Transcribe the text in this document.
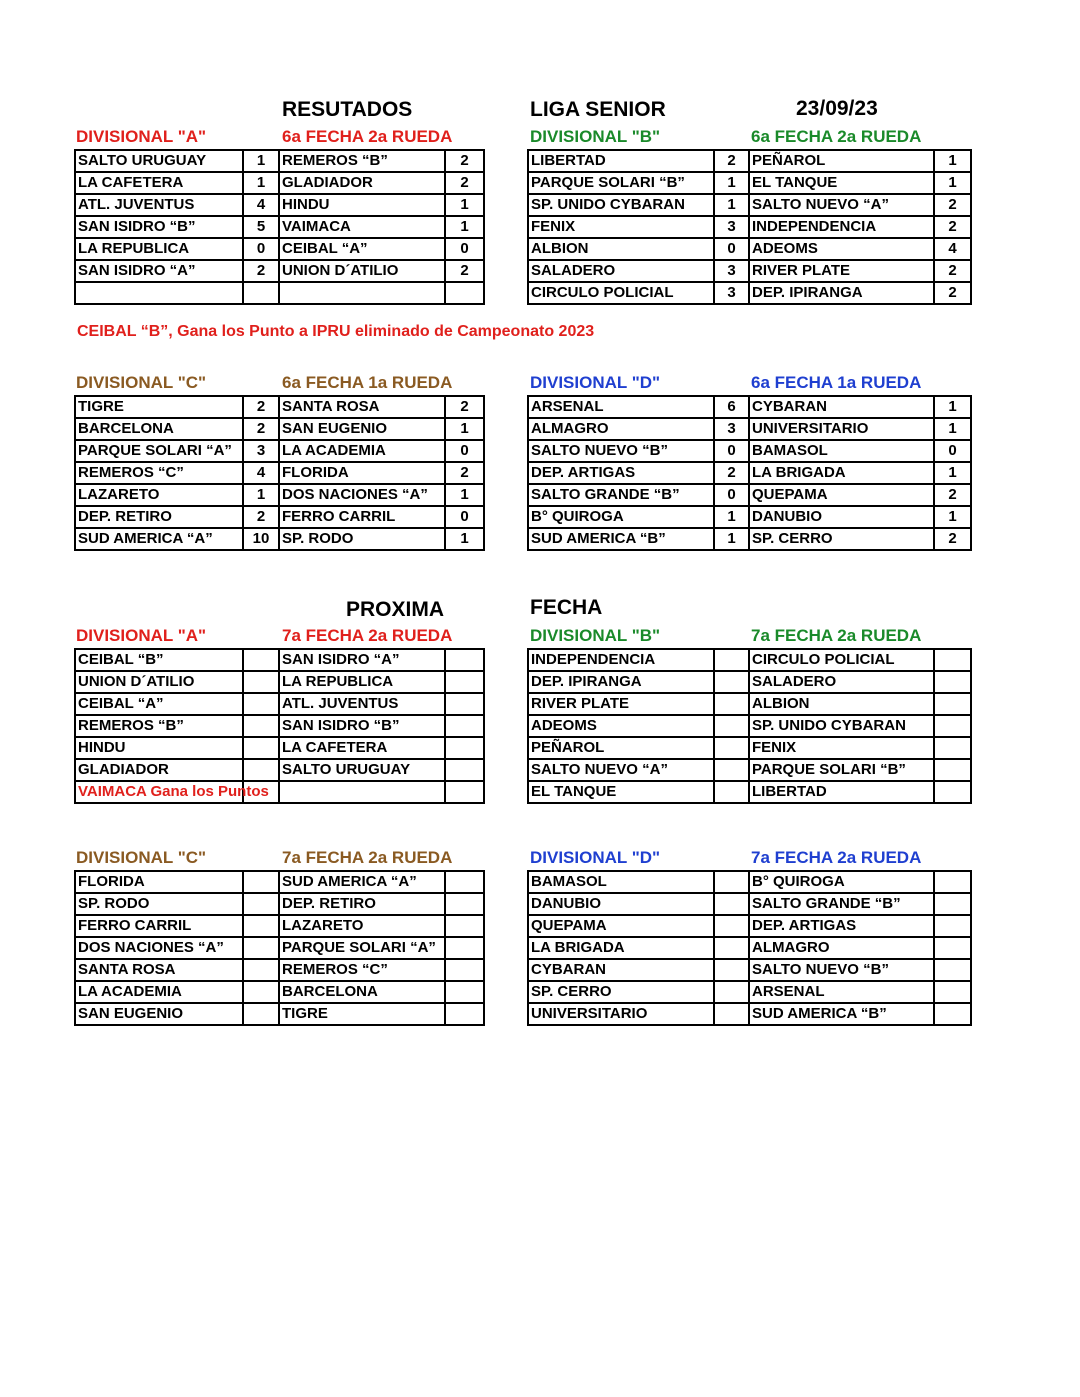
RESUTADOS	LIGA SENIOR	23/09/23
DIVISIONAL "A"	6a FECHA 2a RUEDA
SALTO URUGUAY	1	REMEROS “B”	2
LA CAFETERA	1	GLADIADOR	2
ATL. JUVENTUS	4	HINDU	1
SAN ISIDRO “B”	5	VAIMACA	1
LA REPUBLICA	0	CEIBAL “A”	0
SAN ISIDRO “A”	2	UNION D´ATILIO	2

CEIBAL “B”, Gana los Punto a IPRU eliminado de Campeonato 2023
DIVISIONAL "B"	6a FECHA 2a RUEDA
LIBERTAD	2	PEÑAROL	1
PARQUE SOLARI “B”	1	EL TANQUE	1
SP. UNIDO CYBARAN	1	SALTO NUEVO “A”	2
FENIX	3	INDEPENDENCIA	2
ALBION	0	ADEOMS	4
SALADERO	3	RIVER PLATE	2
CIRCULO POLICIAL	3	DEP. IPIRANGA	2
DIVISIONAL "C"	6a FECHA 1a RUEDA
TIGRE	2	SANTA ROSA	2
BARCELONA	2	SAN EUGENIO	1
PARQUE SOLARI “A”	3	LA ACADEMIA	0
REMEROS “C”	4	FLORIDA	2
LAZARETO	1	DOS NACIONES “A”	1
DEP. RETIRO	2	FERRO CARRIL	0
SUD AMERICA “A”	10	SP. RODO	1
DIVISIONAL "D"	6a FECHA 1a RUEDA
ARSENAL	6	CYBARAN	1
ALMAGRO	3	UNIVERSITARIO	1
SALTO NUEVO “B”	0	BAMASOL	0
DEP. ARTIGAS	2	LA BRIGADA	1
SALTO GRANDE “B”	0	QUEPAMA	2
B° QUIROGA	1	DANUBIO	1
SUD AMERICA “B”	1	SP. CERRO	2
PROXIMA	FECHA
DIVISIONAL "A"	7a FECHA 2a RUEDA
CEIBAL “B”		SAN ISIDRO “A”	
UNION D´ATILIO		LA REPUBLICA	
CEIBAL “A”		ATL. JUVENTUS	
REMEROS “B”		SAN ISIDRO “B”	
HINDU		LA CAFETERA	
GLADIADOR		SALTO URUGUAY	
VAIMACA Gana los Puntos			
DIVISIONAL "B"	7a FECHA 2a RUEDA
INDEPENDENCIA		CIRCULO POLICIAL	
DEP. IPIRANGA		SALADERO	
RIVER PLATE		ALBION	
ADEOMS		SP. UNIDO CYBARAN	
PEÑAROL		FENIX	
SALTO NUEVO “A”		PARQUE SOLARI “B”	
EL TANQUE		LIBERTAD	
DIVISIONAL "C"	7a FECHA 2a RUEDA
FLORIDA		SUD AMERICA “A”	
SP. RODO		DEP. RETIRO	
FERRO CARRIL		LAZARETO	
DOS NACIONES “A”		PARQUE SOLARI “A”	
SANTA ROSA		REMEROS “C”	
LA ACADEMIA		BARCELONA	
SAN EUGENIO		TIGRE	
DIVISIONAL "D"	7a FECHA 2a RUEDA
BAMASOL		B° QUIROGA	
DANUBIO		SALTO GRANDE “B”	
QUEPAMA		DEP. ARTIGAS	
LA BRIGADA		ALMAGRO	
CYBARAN		SALTO NUEVO “B”	
SP. CERRO		ARSENAL	
UNIVERSITARIO		SUD AMERICA “B”	
